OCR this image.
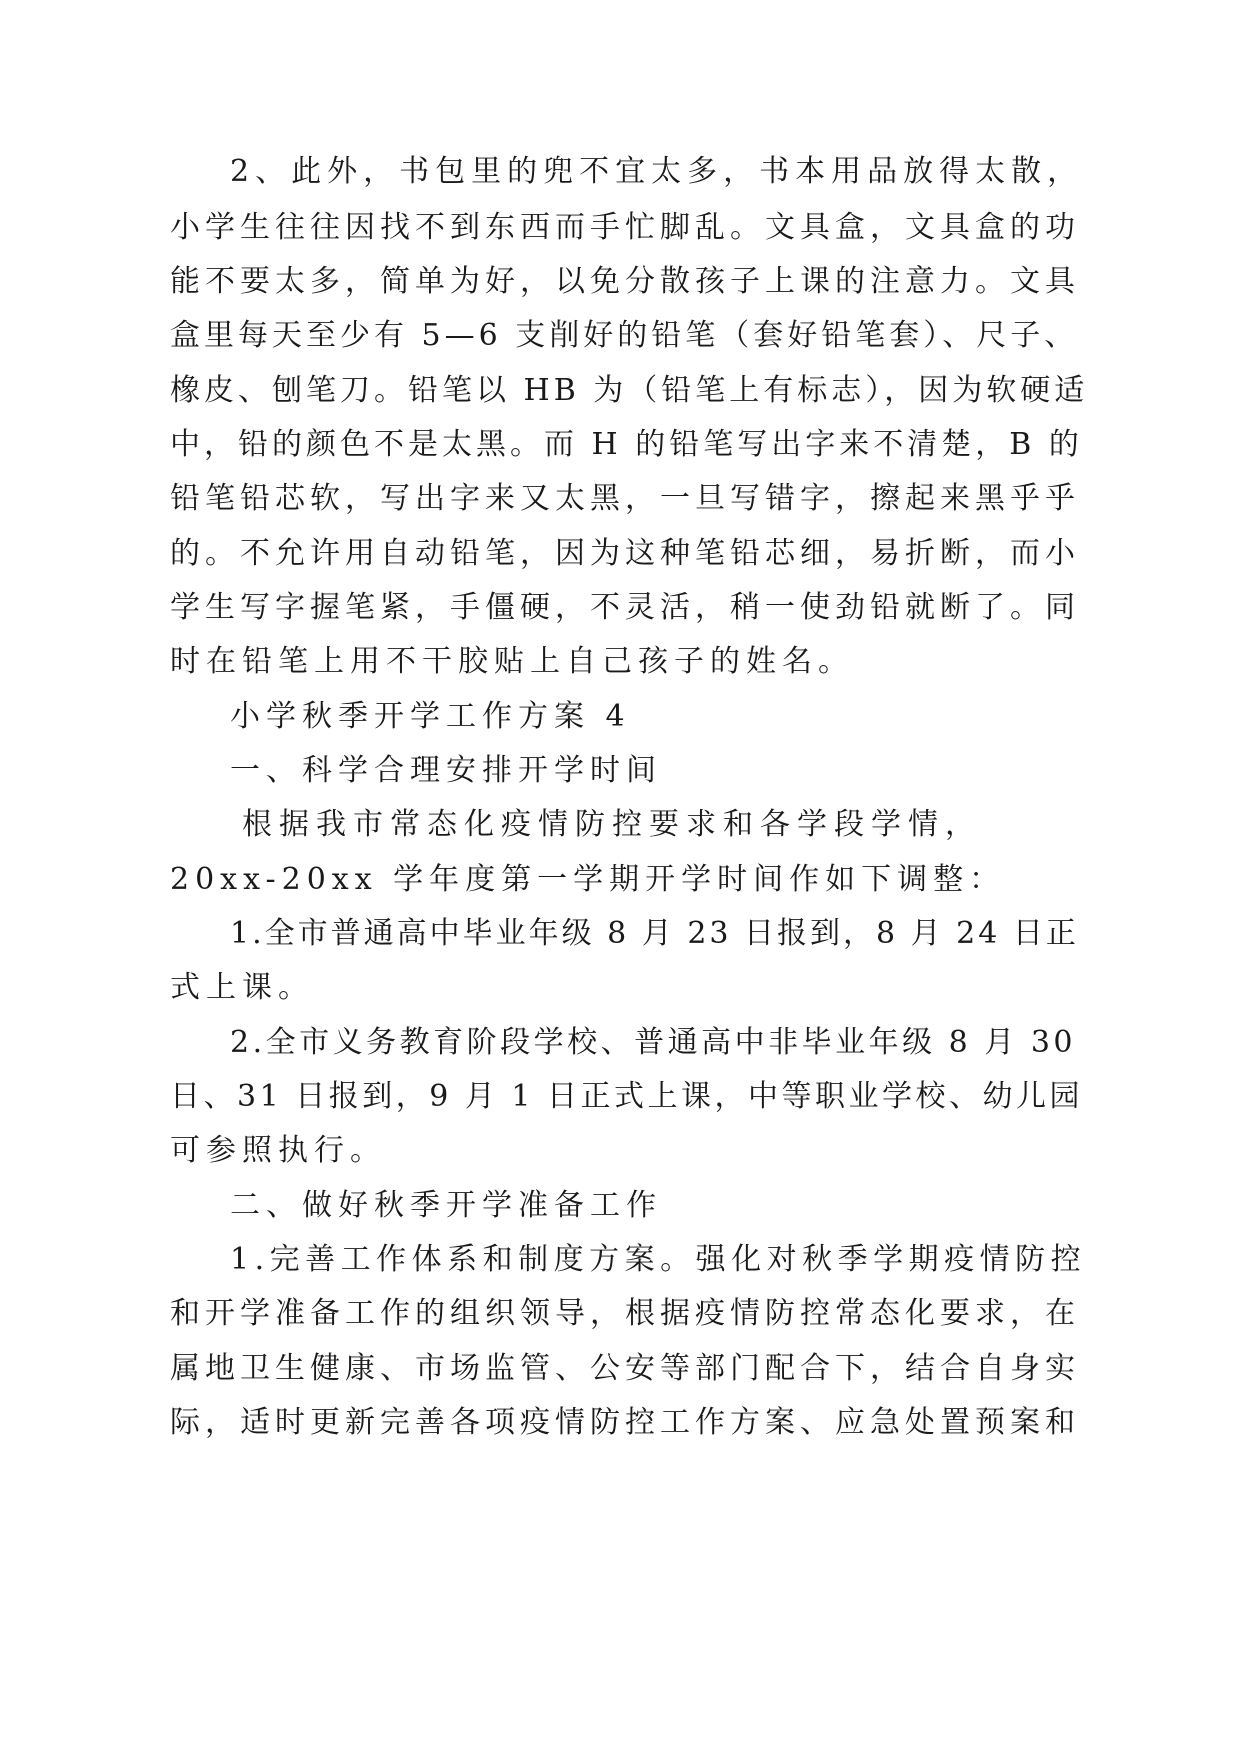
2、此外，书包里的兜不宜太多，书本用品放得太散，

小学生往往因找不到东西而手忙脚乱。文具盒，文具盒的功

能不要太多，简单为好，以免分散孩子上课的注意力。文具

盒里每天至少有 5—6 支削好的铅笔（套好铅笔套）、尺子、

橡皮、刨笔刀。铅笔以 HB 为（铅笔上有标志），因为软硬适

中，铅的颜色不是太黑。而 H 的铅笔写出字来不清楚，B 的

铅笔铅芯软，写出字来又太黑，一旦写错字，擦起来黑乎乎

的。不允许用自动铅笔，因为这种笔铅芯细，易折断，而小

学生写字握笔紧，手僵硬，不灵活，稍一使劲铅就断了。同

时在铅笔上用不干胶贴上自己孩子的姓名。

小学秋季开学工作方案 4

一、科学合理安排开学时间

根据我市常态化疫情防控要求和各学段学情，

20xx-20xx 学年度第一学期开学时间作如下调整：

1.全市普通高中毕业年级 8 月 23 日报到，8 月 24 日正

式上课。

2.全市义务教育阶段学校、普通高中非毕业年级 8 月 30

日、31 日报到，9 月 1 日正式上课，中等职业学校、幼儿园

可参照执行。

二、做好秋季开学准备工作

1.完善工作体系和制度方案。强化对秋季学期疫情防控

和开学准备工作的组织领导，根据疫情防控常态化要求，在

属地卫生健康、市场监管、公安等部门配合下，结合自身实

际，适时更新完善各项疫情防控工作方案、应急处置预案和
